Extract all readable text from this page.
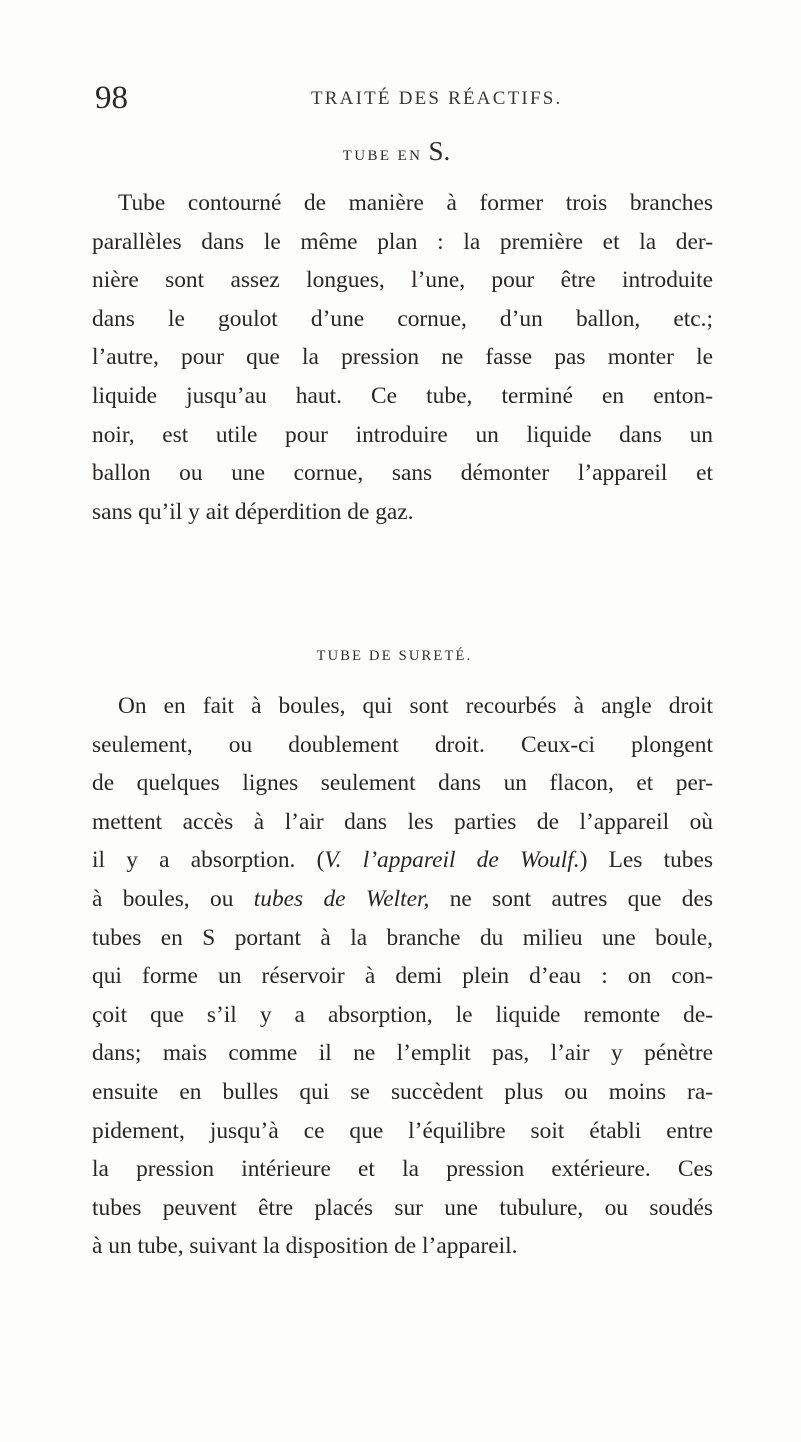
98	TRAITÉ DES RÉACTIFS.
TUBE EN S.
Tube contourné de manière à former trois branches
parallèles dans le même plan : la première et la der-
nière sont assez longues, l’une, pour être introduite
dans le goulot d’une cornue, d’un ballon, etc.;
l’autre, pour que la pression ne fasse pas monter le
liquide jusqu’au haut. Ce tube, terminé en enton-
noir, est utile pour introduire un liquide dans un
ballon ou une cornue, sans démonter l’appareil et
sans qu’il y ait déperdition de gaz.
TUBE DE SURETÉ.
On en fait à boules, qui sont recourbés à angle droit
seulement, ou doublement droit. Ceux-ci plongent
de quelques lignes seulement dans un flacon, et per-
mettent accès à l’air dans les parties de l’appareil où
il y a absorption. (V. l’appareil de Woulf.) Les tubes
à boules, ou tubes de Welter, ne sont autres que des
tubes en S portant à la branche du milieu une boule,
qui forme un réservoir à demi plein d’eau : on con-
çoit que s’il y a absorption, le liquide remonte de-
dans; mais comme il ne l’emplit pas, l’air y pénètre
ensuite en bulles qui se succèdent plus ou moins ra-
pidement, jusqu’à ce que l’équilibre soit établi entre
la pression intérieure et la pression extérieure. Ces
tubes peuvent être placés sur une tubulure, ou soudés
à un tube, suivant la disposition de l’appareil.
